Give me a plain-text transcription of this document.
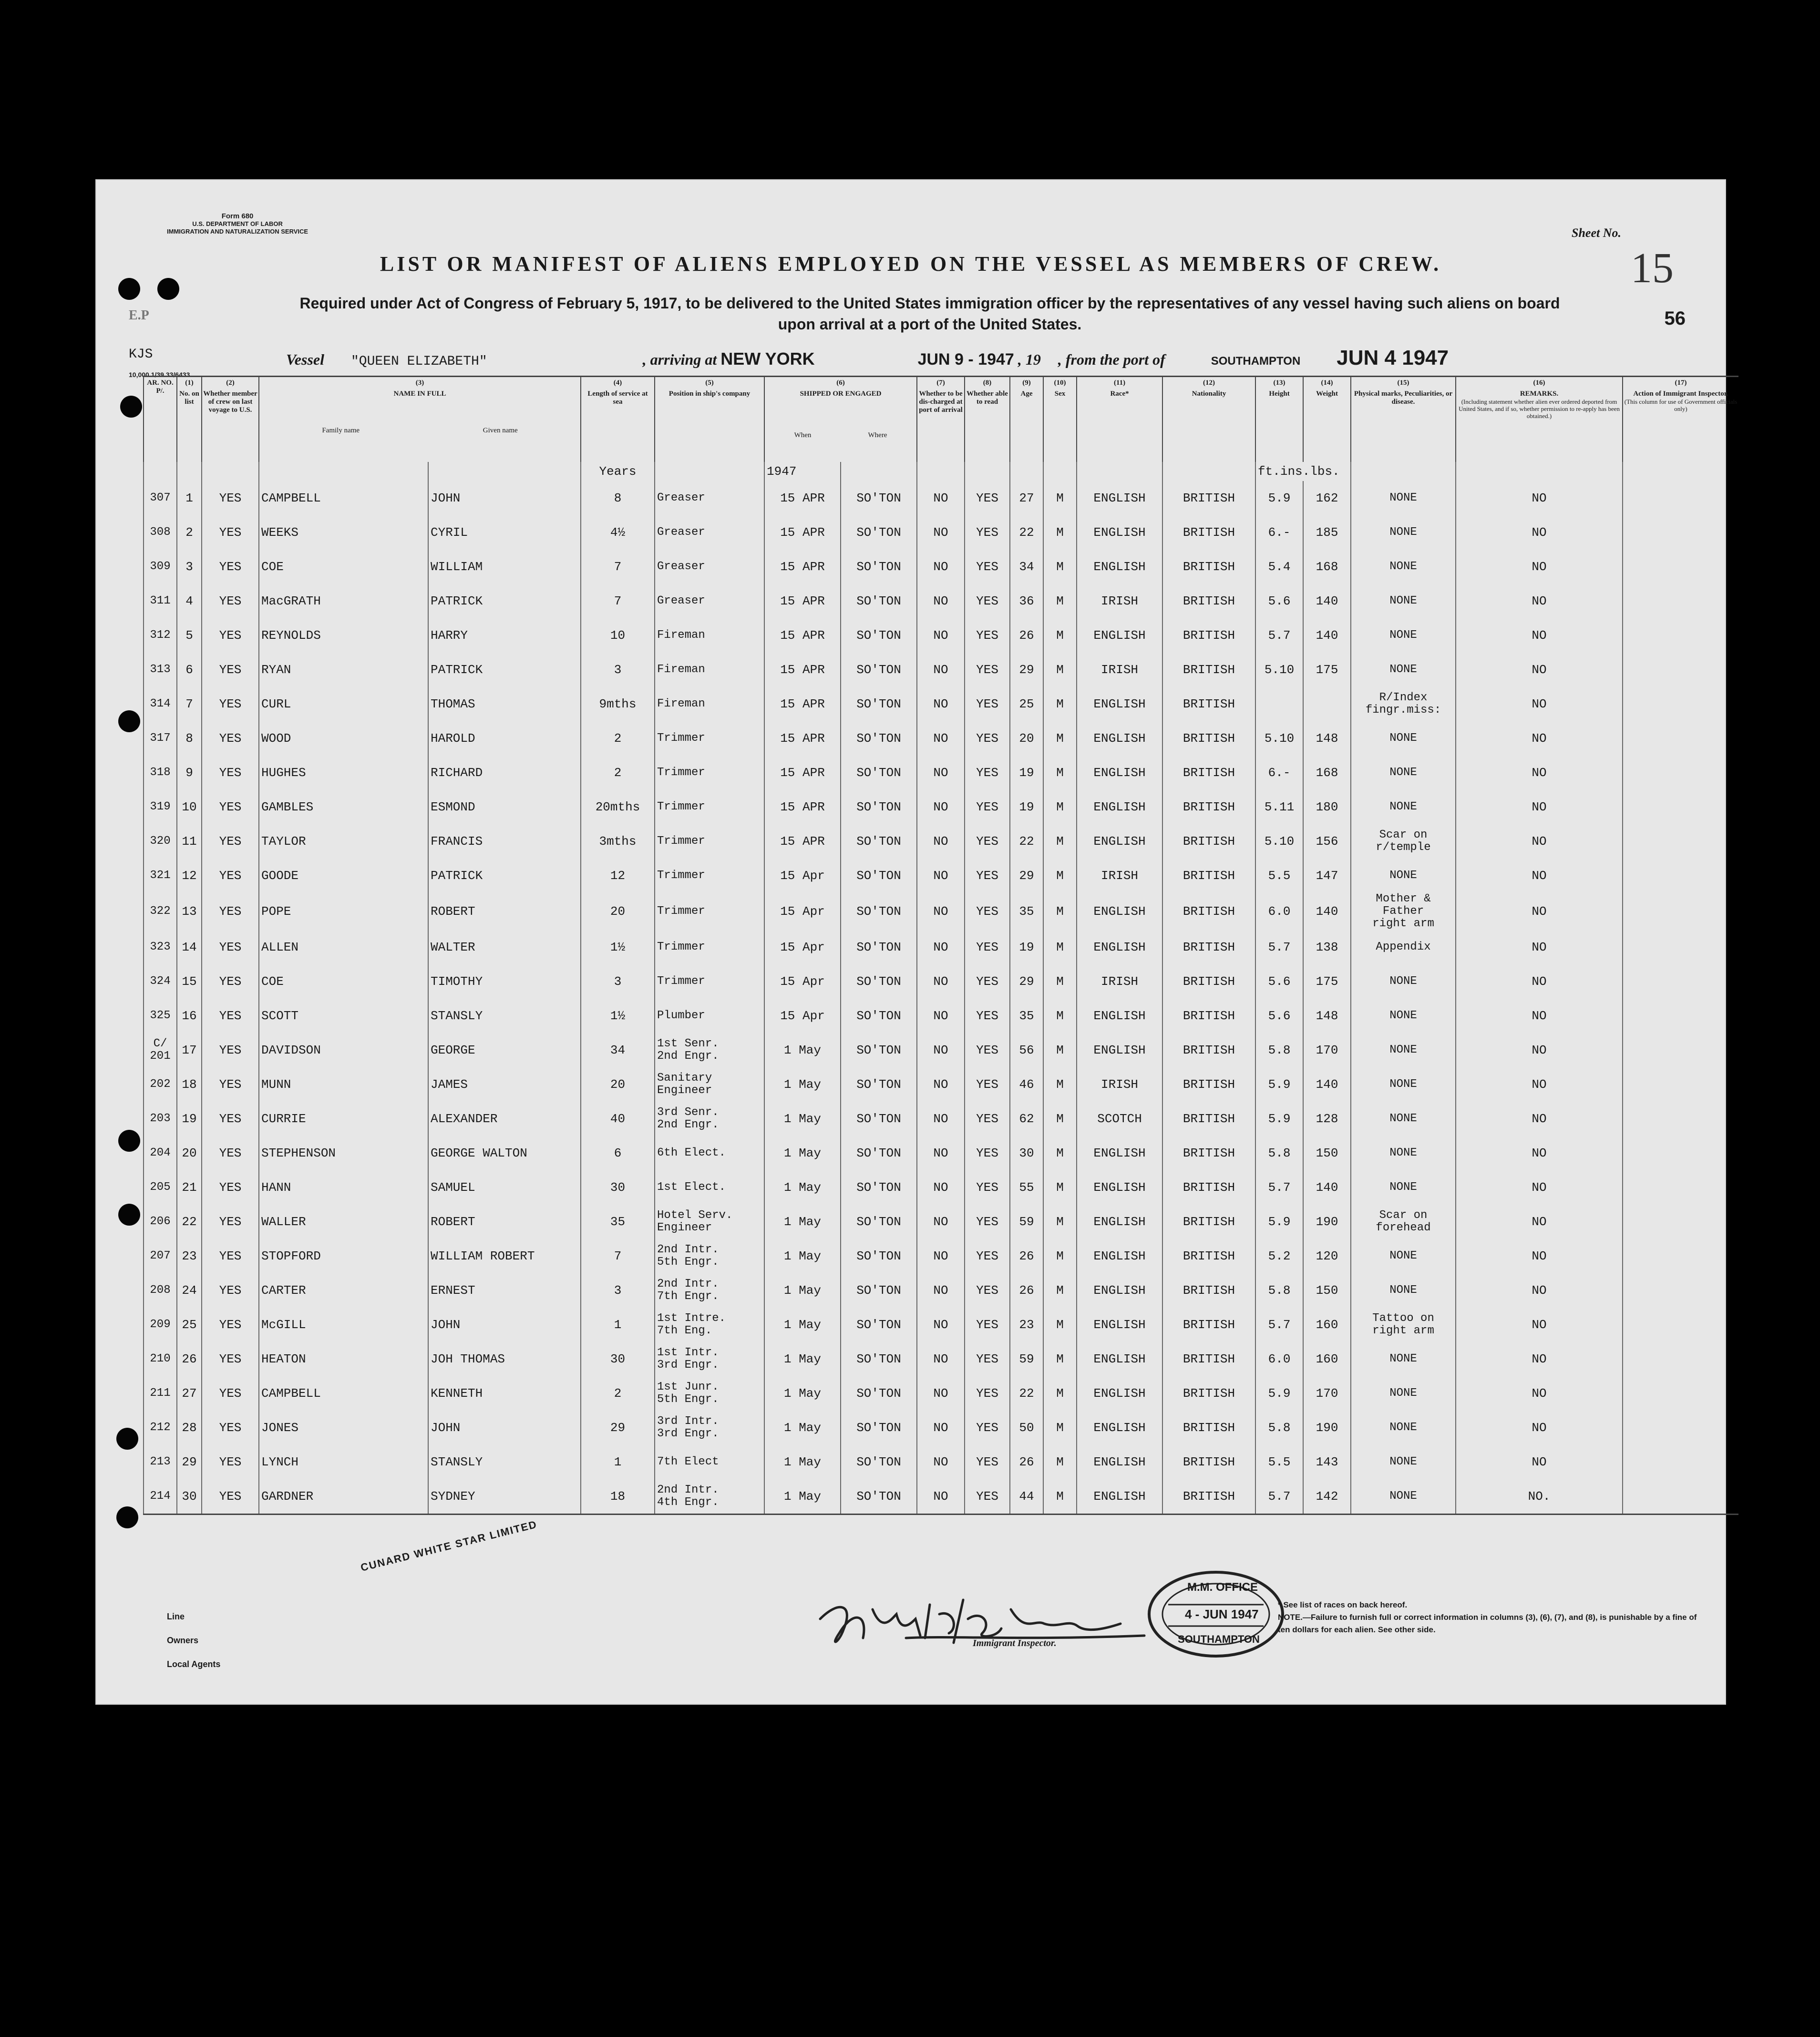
Form 680
U.S. DEPARTMENT OF LABOR
IMMIGRATION AND NATURALIZATION SERVICE	Sheet No.
15
LIST OR MANIFEST OF ALIENS EMPLOYED ON THE VESSEL AS MEMBERS OF CREW.
Required under Act of Congress of February 5, 1917, to be delivered to the United States immigration officer by the representatives of any vessel having such aliens on board upon arrival at a port of the United States.	56
E.P
KJS	Vessel "QUEEN ELIZABETH"	, arriving at NEW YORK	JUN 9 - 1947 , 19 , from the port of	SOUTHAMPTON JUN 4 1947
10,000 1/39 33/6433
AR. NO. P/.	(1)
No. on list	(2)
Whether member of crew on last voyage to U.S.	(3)
NAME IN FULL
Family name Given name		(4)
Length of service at sea	(5)
Position in ship's company	(6)
SHIPPED OR ENGAGED
When Where		(7)
Whether to be dis-charged at port of arrival	(8)
Whether able to read	(9)
Age	(10)
Sex	(11)
Race*	(12)
Nationality	(13)
Height	(14)
Weight	(15)
Physical marks, Peculiarities, or disease.	(16)
REMARKS.
(Including statement whether alien ever ordered deported from United States, and if so, whether permission to re-apply has been obtained.)	(17)
Action of Immigrant Inspector.
(This column for use of Government officials only)

					Years		1947								ft.ins.lbs.				
307	1	YES	CAMPBELL	JOHN	8	Greaser	15 APR	SO'TON	NO	YES	27	M	ENGLISH	BRITISH	5.9	162	NONE	NO	
308	2	YES	WEEKS	CYRIL	4½	Greaser	15 APR	SO'TON	NO	YES	22	M	ENGLISH	BRITISH	6.-	185	NONE	NO	
309	3	YES	COE	WILLIAM	7	Greaser	15 APR	SO'TON	NO	YES	34	M	ENGLISH	BRITISH	5.4	168	NONE	NO	
311	4	YES	MacGRATH	PATRICK	7	Greaser	15 APR	SO'TON	NO	YES	36	M	IRISH	BRITISH	5.6	140	NONE	NO	
312	5	YES	REYNOLDS	HARRY	10	Fireman	15 APR	SO'TON	NO	YES	26	M	ENGLISH	BRITISH	5.7	140	NONE	NO	
313	6	YES	RYAN	PATRICK	3	Fireman	15 APR	SO'TON	NO	YES	29	M	IRISH	BRITISH	5.10	175	NONE	NO	
314	7	YES	CURL	THOMAS	9mths	Fireman	15 APR	SO'TON	NO	YES	25	M	ENGLISH	BRITISH			R/Index
fingr.miss:	NO	
317	8	YES	WOOD	HAROLD	2	Trimmer	15 APR	SO'TON	NO	YES	20	M	ENGLISH	BRITISH	5.10	148	NONE	NO	
318	9	YES	HUGHES	RICHARD	2	Trimmer	15 APR	SO'TON	NO	YES	19	M	ENGLISH	BRITISH	6.-	168	NONE	NO	
319	10	YES	GAMBLES	ESMOND	20mths	Trimmer	15 APR	SO'TON	NO	YES	19	M	ENGLISH	BRITISH	5.11	180	NONE	NO	
320	11	YES	TAYLOR	FRANCIS	3mths	Trimmer	15 APR	SO'TON	NO	YES	22	M	ENGLISH	BRITISH	5.10	156	Scar on r/temple	NO	
321	12	YES	GOODE	PATRICK	12	Trimmer	15 Apr	SO'TON	NO	YES	29	M	IRISH	BRITISH	5.5	147	NONE	NO	
322	13	YES	POPE	ROBERT	20	Trimmer	15 Apr	SO'TON	NO	YES	35	M	ENGLISH	BRITISH	6.0	140	Mother & Father
right arm	NO	
323	14	YES	ALLEN	WALTER	1½	Trimmer	15 Apr	SO'TON	NO	YES	19	M	ENGLISH	BRITISH	5.7	138	Appendix	NO	
324	15	YES	COE	TIMOTHY	3	Trimmer	15 Apr	SO'TON	NO	YES	29	M	IRISH	BRITISH	5.6	175	NONE	NO	
325	16	YES	SCOTT	STANSLY	1½	Plumber	15 Apr	SO'TON	NO	YES	35	M	ENGLISH	BRITISH	5.6	148	NONE	NO	
C/
201	17	YES	DAVIDSON	GEORGE	34	1st Senr.
2nd Engr.	1 May	SO'TON	NO	YES	56	M	ENGLISH	BRITISH	5.8	170	NONE	NO	
202	18	YES	MUNN	JAMES	20	Sanitary
Engineer	1 May	SO'TON	NO	YES	46	M	IRISH	BRITISH	5.9	140	NONE	NO	
203	19	YES	CURRIE	ALEXANDER	40	3rd Senr.
2nd Engr.	1 May	SO'TON	NO	YES	62	M	SCOTCH	BRITISH	5.9	128	NONE	NO	
204	20	YES	STEPHENSON	GEORGE WALTON	6	6th Elect.	1 May	SO'TON	NO	YES	30	M	ENGLISH	BRITISH	5.8	150	NONE	NO	
205	21	YES	HANN	SAMUEL	30	1st Elect.	1 May	SO'TON	NO	YES	55	M	ENGLISH	BRITISH	5.7	140	NONE	NO	
206	22	YES	WALLER	ROBERT	35	Hotel Serv.
Engineer	1 May	SO'TON	NO	YES	59	M	ENGLISH	BRITISH	5.9	190	Scar on
forehead	NO	
207	23	YES	STOPFORD	WILLIAM ROBERT	7	2nd Intr.
5th Engr.	1 May	SO'TON	NO	YES	26	M	ENGLISH	BRITISH	5.2	120	NONE	NO	
208	24	YES	CARTER	ERNEST	3	2nd Intr.
7th Engr.	1 May	SO'TON	NO	YES	26	M	ENGLISH	BRITISH	5.8	150	NONE	NO	
209	25	YES	McGILL	JOHN	1	1st Intre.
7th Eng.	1 May	SO'TON	NO	YES	23	M	ENGLISH	BRITISH	5.7	160	Tattoo on
right arm	NO	
210	26	YES	HEATON	JOH THOMAS	30	1st Intr.
3rd Engr.	1 May	SO'TON	NO	YES	59	M	ENGLISH	BRITISH	6.0	160	NONE	NO	
211	27	YES	CAMPBELL	KENNETH	2	1st Junr.
5th Engr.	1 May	SO'TON	NO	YES	22	M	ENGLISH	BRITISH	5.9	170	NONE	NO	
212	28	YES	JONES	JOHN	29	3rd Intr.
3rd Engr.	1 May	SO'TON	NO	YES	50	M	ENGLISH	BRITISH	5.8	190	NONE	NO	
213	29	YES	LYNCH	STANSLY	1	7th Elect	1 May	SO'TON	NO	YES	26	M	ENGLISH	BRITISH	5.5	143	NONE	NO	
214	30	YES	GARDNER	SYDNEY	18	2nd Intr.
4th Engr.	1 May	SO'TON	NO	YES	44	M	ENGLISH	BRITISH	5.7	142	NONE	NO.	
Line
Owners
Local Agents
CUNARD WHITE STAR LIMITED
Immigrant Inspector.
M.M. OFFICE
4 - JUN 1947
SOUTHAMPTON
* See list of races on back hereof.
NOTE.—Failure to furnish full or correct information in columns (3), (6), (7), and (8), is punishable by a fine of ten dollars for each alien. See other side.
